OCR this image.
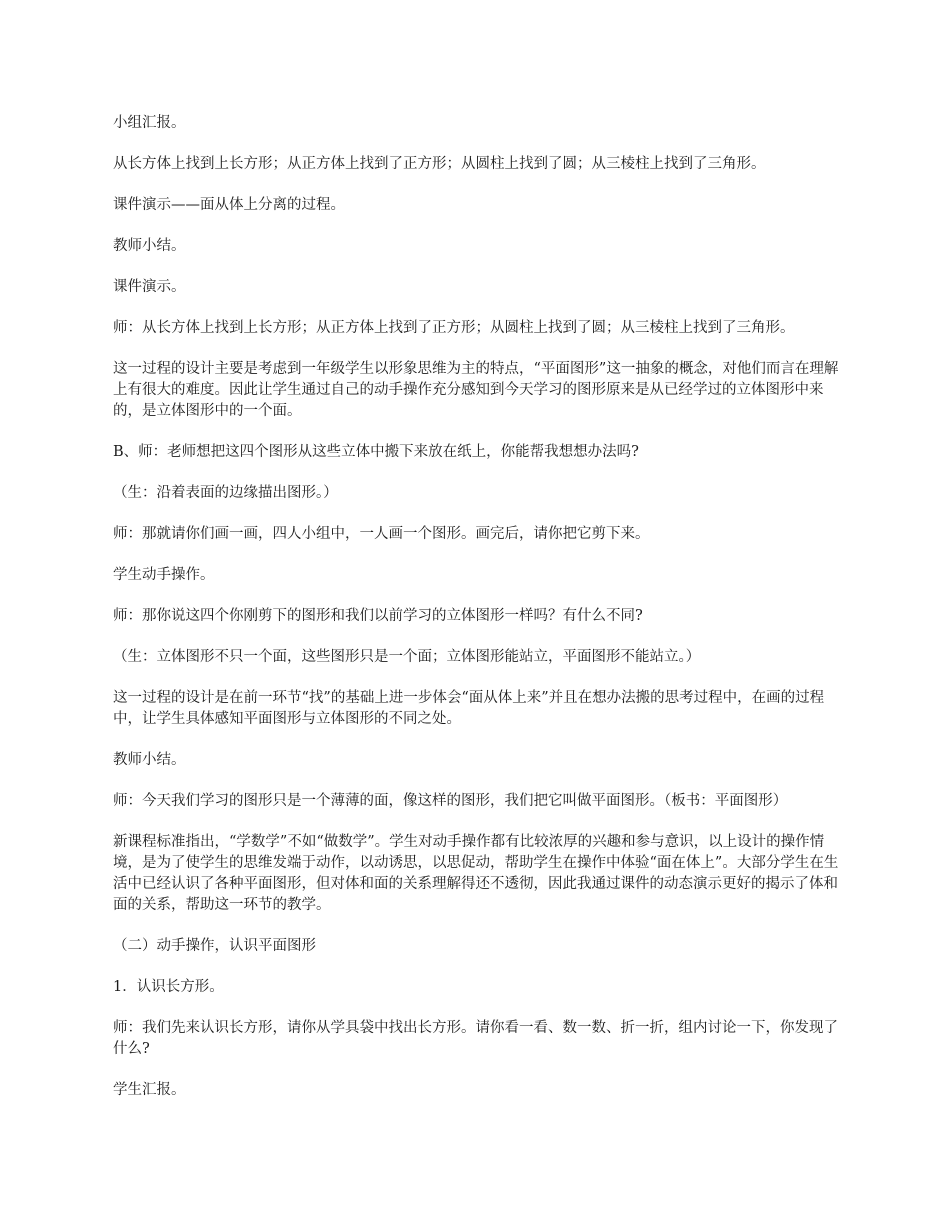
小组汇报。

从长方体上找到上长方形；从正方体上找到了正方形；从圆柱上找到了圆；从三棱柱上找到了三角形。

课件演示——面从体上分离的过程。

教师小结。

课件演示。

师：从长方体上找到上长方形；从正方体上找到了正方形；从圆柱上找到了圆；从三棱柱上找到了三角形。

这一过程的设计主要是考虑到一年级学生以形象思维为主的特点，“平面图形”这一抽象的概念，对他们而言在理解上有很大的难度。因此让学生通过自己的动手操作充分感知到今天学习的图形原来是从已经学过的立体图形中来的，是立体图形中的一个面。

B、师：老师想把这四个图形从这些立体中搬下来放在纸上，你能帮我想想办法吗?

（生：沿着表面的边缘描出图形。）

师：那就请你们画一画，四人小组中，一人画一个图形。画完后，请你把它剪下来。

学生动手操作。

师：那你说这四个你刚剪下的图形和我们以前学习的立体图形一样吗？有什么不同?

（生：立体图形不只一个面，这些图形只是一个面；立体图形能站立，平面图形不能站立。）

这一过程的设计是在前一环节“找”的基础上进一步体会“面从体上来”并且在想办法搬的思考过程中，在画的过程中，让学生具体感知平面图形与立体图形的不同之处。

教师小结。

师：今天我们学习的图形只是一个薄薄的面，像这样的图形，我们把它叫做平面图形。（板书：平面图形）

新课程标准指出，“学数学”不如“做数学”。学生对动手操作都有比较浓厚的兴趣和参与意识，以上设计的操作情境，是为了使学生的思维发端于动作，以动诱思，以思促动，帮助学生在操作中体验“面在体上”。大部分学生在生活中已经认识了各种平面图形，但对体和面的关系理解得还不透彻，因此我通过课件的动态演示更好的揭示了体和面的关系，帮助这一环节的教学。

（二）动手操作，认识平面图形

1．认识长方形。

师：我们先来认识长方形，请你从学具袋中找出长方形。请你看一看、数一数、折一折，组内讨论一下，你发现了什么?

学生汇报。
